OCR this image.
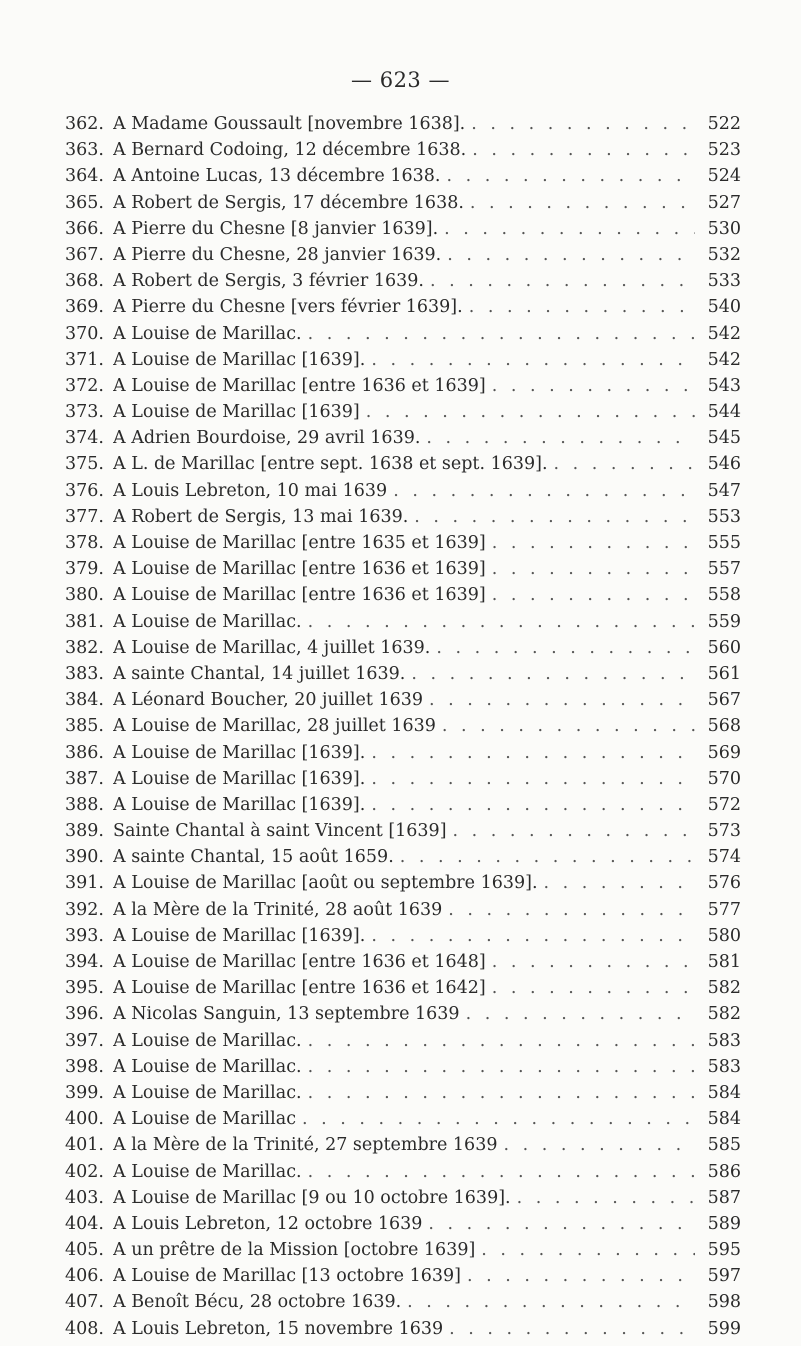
— 623 —
362. A Madame Goussault [novembre 1638]. . . .	522
363. A Bernard Codoing, 12 décembre 1638. . . .	523
364. A Antoine Lucas, 13 décembre 1638. . . .	524
365. A Robert de Sergis, 17 décembre 1638. . . .	527
366. A Pierre du Chesne [8 janvier 1639]. . . .	530
367. A Pierre du Chesne, 28 janvier 1639. . . .	532
368. A Robert de Sergis, 3 février 1639. . . .	533
369. A Pierre du Chesne [vers février 1639]. . . .	540
370. A Louise de Marillac. . . .	542
371. A Louise de Marillac [1639]. . . .	542
372. A Louise de Marillac [entre 1636 et 1639] . . .	543
373. A Louise de Marillac [1639] . . .	544
374. A Adrien Bourdoise, 29 avril 1639. . . .	545
375. A L. de Marillac [entre sept. 1638 et sept. 1639]. . . .	546
376. A Louis Lebreton, 10 mai 1639 . . .	547
377. A Robert de Sergis, 13 mai 1639. . . .	553
378. A Louise de Marillac [entre 1635 et 1639] . . .	555
379. A Louise de Marillac [entre 1636 et 1639] . . .	557
380. A Louise de Marillac [entre 1636 et 1639] . . .	558
381. A Louise de Marillac. . . .	559
382. A Louise de Marillac, 4 juillet 1639. . . .	560
383. A sainte Chantal, 14 juillet 1639. . . .	561
384. A Léonard Boucher, 20 juillet 1639 . . .	567
385. A Louise de Marillac, 28 juillet 1639 . . .	568
386. A Louise de Marillac [1639]. . . .	569
387. A Louise de Marillac [1639]. . . .	570
388. A Louise de Marillac [1639]. . . .	572
389. Sainte Chantal à saint Vincent [1639] . . .	573
390. A sainte Chantal, 15 août 1659. . . .	574
391. A Louise de Marillac [août ou septembre 1639]. . . .	576
392. A la Mère de la Trinité, 28 août 1639 . . .	577
393. A Louise de Marillac [1639]. . . .	580
394. A Louise de Marillac [entre 1636 et 1648] . . .	581
395. A Louise de Marillac [entre 1636 et 1642] . . .	582
396. A Nicolas Sanguin, 13 septembre 1639 . . .	582
397. A Louise de Marillac. . . .	583
398. A Louise de Marillac. . . .	583
399. A Louise de Marillac. . . .	584
400. A Louise de Marillac . . .	584
401. A la Mère de la Trinité, 27 septembre 1639 . . .	585
402. A Louise de Marillac. . . .	586
403. A Louise de Marillac [9 ou 10 octobre 1639]. . . .	587
404. A Louis Lebreton, 12 octobre 1639 . . .	589
405. A un prêtre de la Mission [octobre 1639] . . .	595
406. A Louise de Marillac [13 octobre 1639] . . .	597
407. A Benoît Bécu, 28 octobre 1639. . . .	598
408. A Louis Lebreton, 15 novembre 1639 . . .	599
